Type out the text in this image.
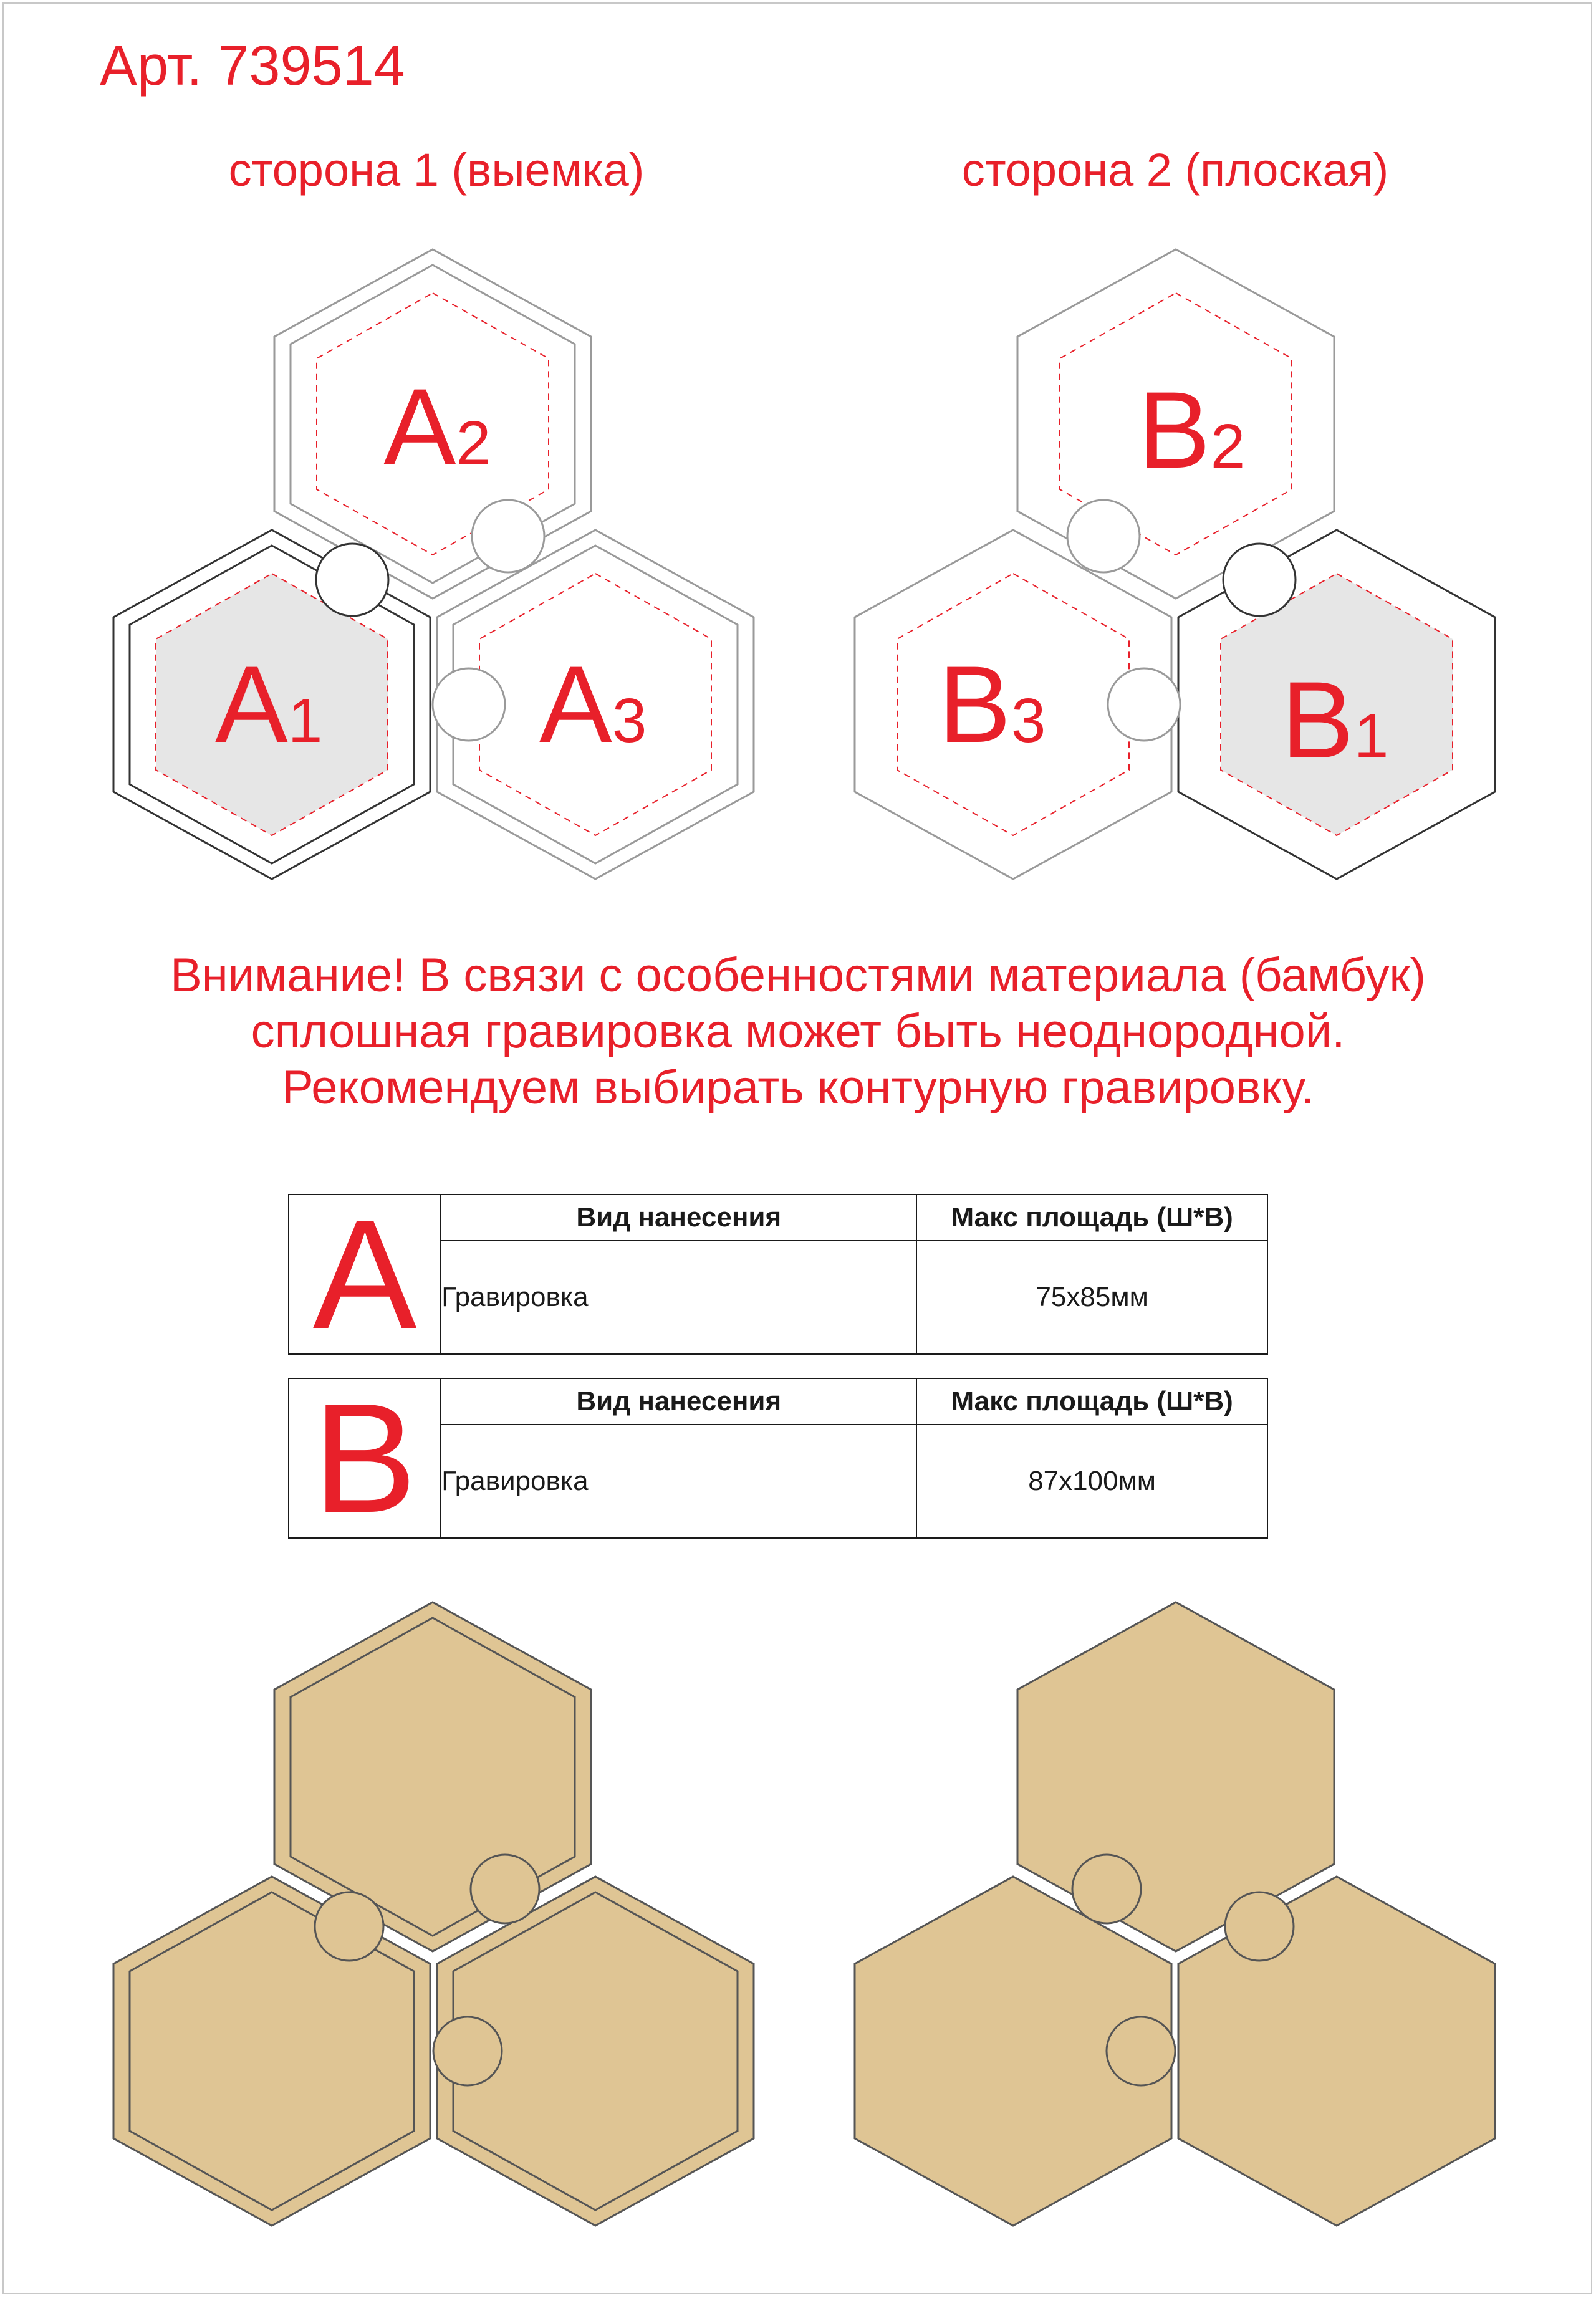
Арт. 739514
сторона 1 (выемка)	сторона 2 (плоская)
A2
A1 A3
B2
B3 B1
Внимание! В связи с особенностями материала (бамбук)
сплошная гравировка может быть неоднородной.
Рекомендуем выбирать контурную гравировку.
A	Вид нанесения	Макс площадь (Ш*В)
	Гравировка	75x85мм
B	Вид нанесения	Макс площадь (Ш*В)
	Гравировка	87x100мм
